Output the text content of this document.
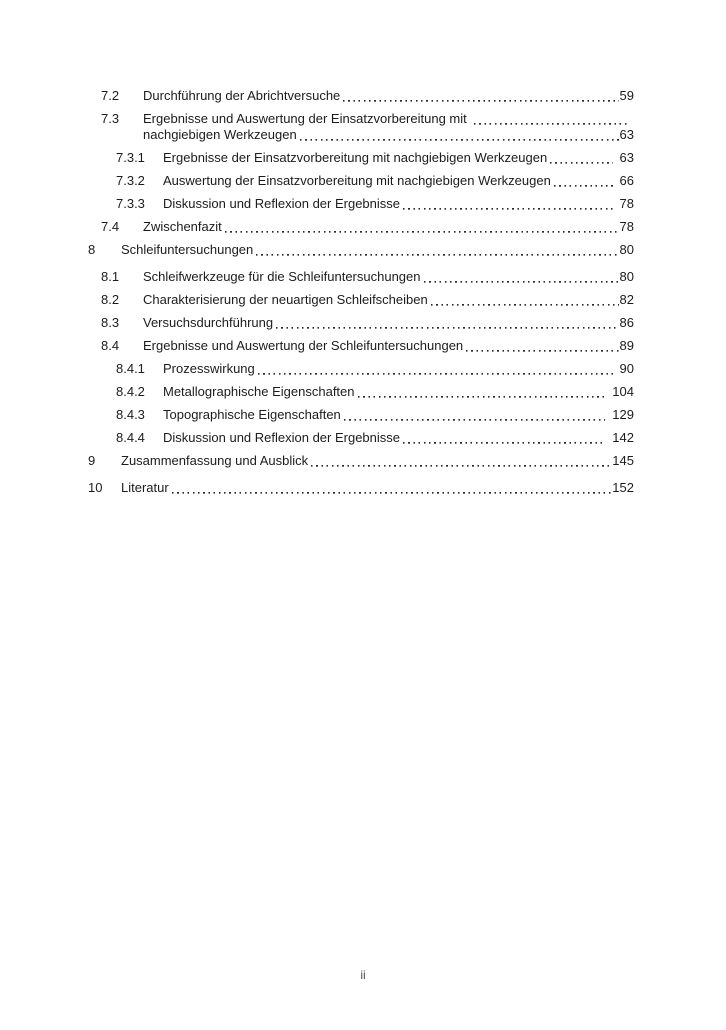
7.2	Durchführung der Abrichtversuche	59
7.3	Ergebnisse und Auswertung der Einsatzvorbereitung mit
nachgiebigen Werkzeugen	63
7.3.1	Ergebnisse der Einsatzvorbereitung mit nachgiebigen Werkzeugen	63
7.3.2	Auswertung der Einsatzvorbereitung mit nachgiebigen Werkzeugen	66
7.3.3	Diskussion und Reflexion der Ergebnisse	78
7.4	Zwischenfazit	78
8	Schleifuntersuchungen	80
8.1	Schleifwerkzeuge für die Schleifuntersuchungen	80
8.2	Charakterisierung der neuartigen Schleifscheiben	82
8.3	Versuchsdurchführung	86
8.4	Ergebnisse und Auswertung der Schleifuntersuchungen	89
8.4.1	Prozesswirkung	90
8.4.2	Metallographische Eigenschaften	104
8.4.3	Topographische Eigenschaften	129
8.4.4	Diskussion und Reflexion der Ergebnisse	142
9	Zusammenfassung und Ausblick	145
10	Literatur	152
ii
